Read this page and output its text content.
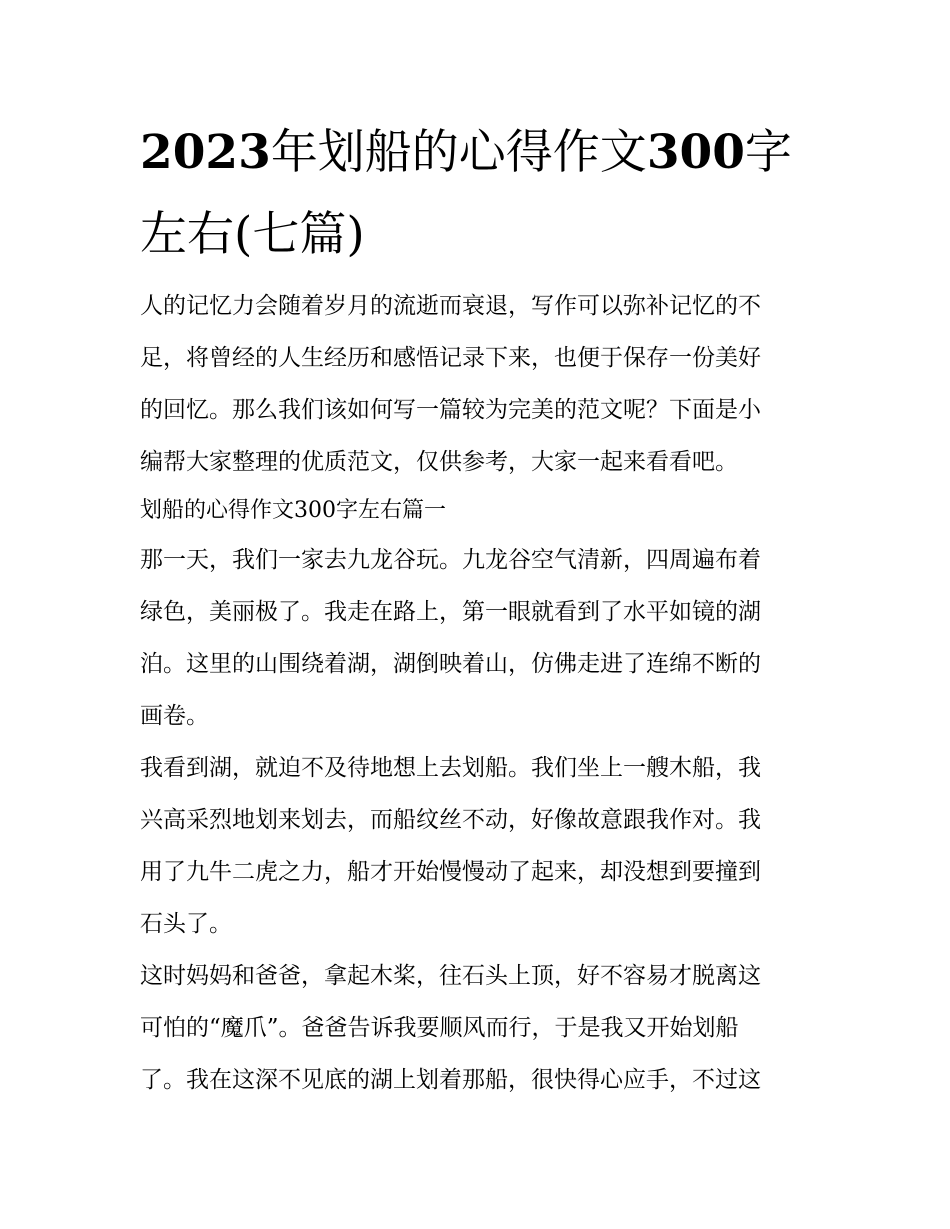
2023年划船的心得作文300字
左右(七篇)

人的记忆力会随着岁月的流逝而衰退，写作可以弥补记忆的不
足，将曾经的人生经历和感悟记录下来，也便于保存一份美好
的回忆。那么我们该如何写一篇较为完美的范文呢？下面是小
编帮大家整理的优质范文，仅供参考，大家一起来看看吧。

划船的心得作文300字左右篇一

那一天，我们一家去九龙谷玩。九龙谷空气清新，四周遍布着
绿色，美丽极了。我走在路上，第一眼就看到了水平如镜的湖
泊。这里的山围绕着湖，湖倒映着山，仿佛走进了连绵不断的
画卷。

我看到湖，就迫不及待地想上去划船。我们坐上一艘木船，我
兴高采烈地划来划去，而船纹丝不动，好像故意跟我作对。我
用了九牛二虎之力，船才开始慢慢动了起来，却没想到要撞到
石头了。

这时妈妈和爸爸，拿起木桨，往石头上顶，好不容易才脱离这
可怕的“魔爪”。爸爸告诉我要顺风而行，于是我又开始划船
了。我在这深不见底的湖上划着那船，很快得心应手，不过这
